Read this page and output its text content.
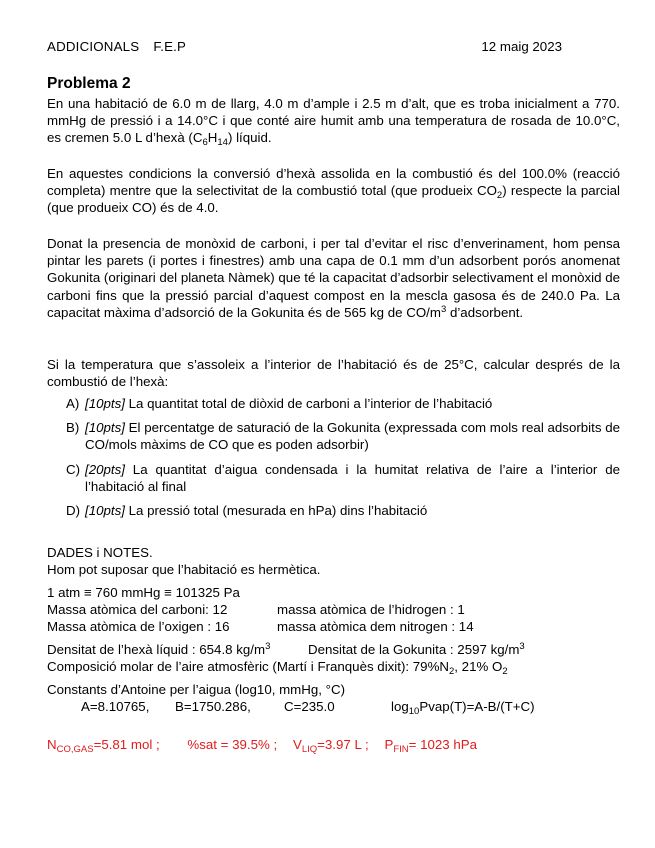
ADDICIONALS F.E.P	12 maig 2023
Problema 2
En una habitació de 6.0 m de llarg, 4.0 m d’ample i 2.5 m d’alt, que es troba inicialment a 770. mmHg de pressió i a 14.0°C i que conté aire humit amb una temperatura de rosada de 10.0°C, es cremen 5.0 L d’hexà $(C_6H_{14})$ líquid.
En aquestes condicions la conversió d’hexà assolida en la combustió és del 100.0% (reacció completa) mentre que la selectivitat de la combustió total (que produeix $CO_2$) respecte la parcial (que produeix CO) és de 4.0.
Donat la presencia de monòxid de carboni, i per tal d’evitar el risc d’enverinament, hom pensa pintar les parets (i portes i finestres) amb una capa de 0.1 mm d’un adsorbent porós anomenat Gokunita (originari del planeta Nàmek) que té la capacitat d’adsorbir selectivament el monòxid de carboni fins que la pressió parcial d’aquest compost en la mescla gasosa és de 240.0 Pa. La capacitat màxima d’adsorció de la Gokunita és de 565 kg de $CO/m^3$ d’adsorbent.
Si la temperatura que s’assoleix a l’interior de l’habitació és de 25°C, calcular després de la combustió de l’hexà:
A) [10pts] La quantitat total de diòxid de carboni a l’interior de l’habitació
B) [10pts] El percentatge de saturació de la Gokunita (expressada com mols real adsorbits de CO/mols màxims de CO que es poden adsorbir)
C) [20pts] La quantitat d’aigua condensada i la humitat relativa de l’aire a l’interior de l’habitació al final
D) [10pts] La pressió total (mesurada en hPa) dins l’habitació
DADES i NOTES.
Hom pot suposar que l’habitació es hermètica.
1 atm ≡ 760 mmHg ≡ 101325 Pa
Massa atòmica del carboni: 12	massa atòmica de l’hidrogen : 1
Massa atòmica de l’oxigen : 16	massa atòmica dem nitrogen : 14
Densitat de l’hexà líquid : 654.8 $kg/m^3$	Densitat de la Gokunita : 2597 $kg/m^3$
Composició molar de l’aire atmosfèric (Martí i Franquès dixit): $79\%N_2$, 21% $O_2$
Constants d’Antoine per l’aigua (log10, mmHg, °C)
A=8.10765, B=1750.286, C=235.0	$\log_{10}Pvap(T)=A-B/(T+C)$
$N_{CO,GAS}=5.81$ mol ; %sat = 39.5% ; $V_{LIQ}=3.97$ L ; $P_{FIN}= 1023$ hPa
